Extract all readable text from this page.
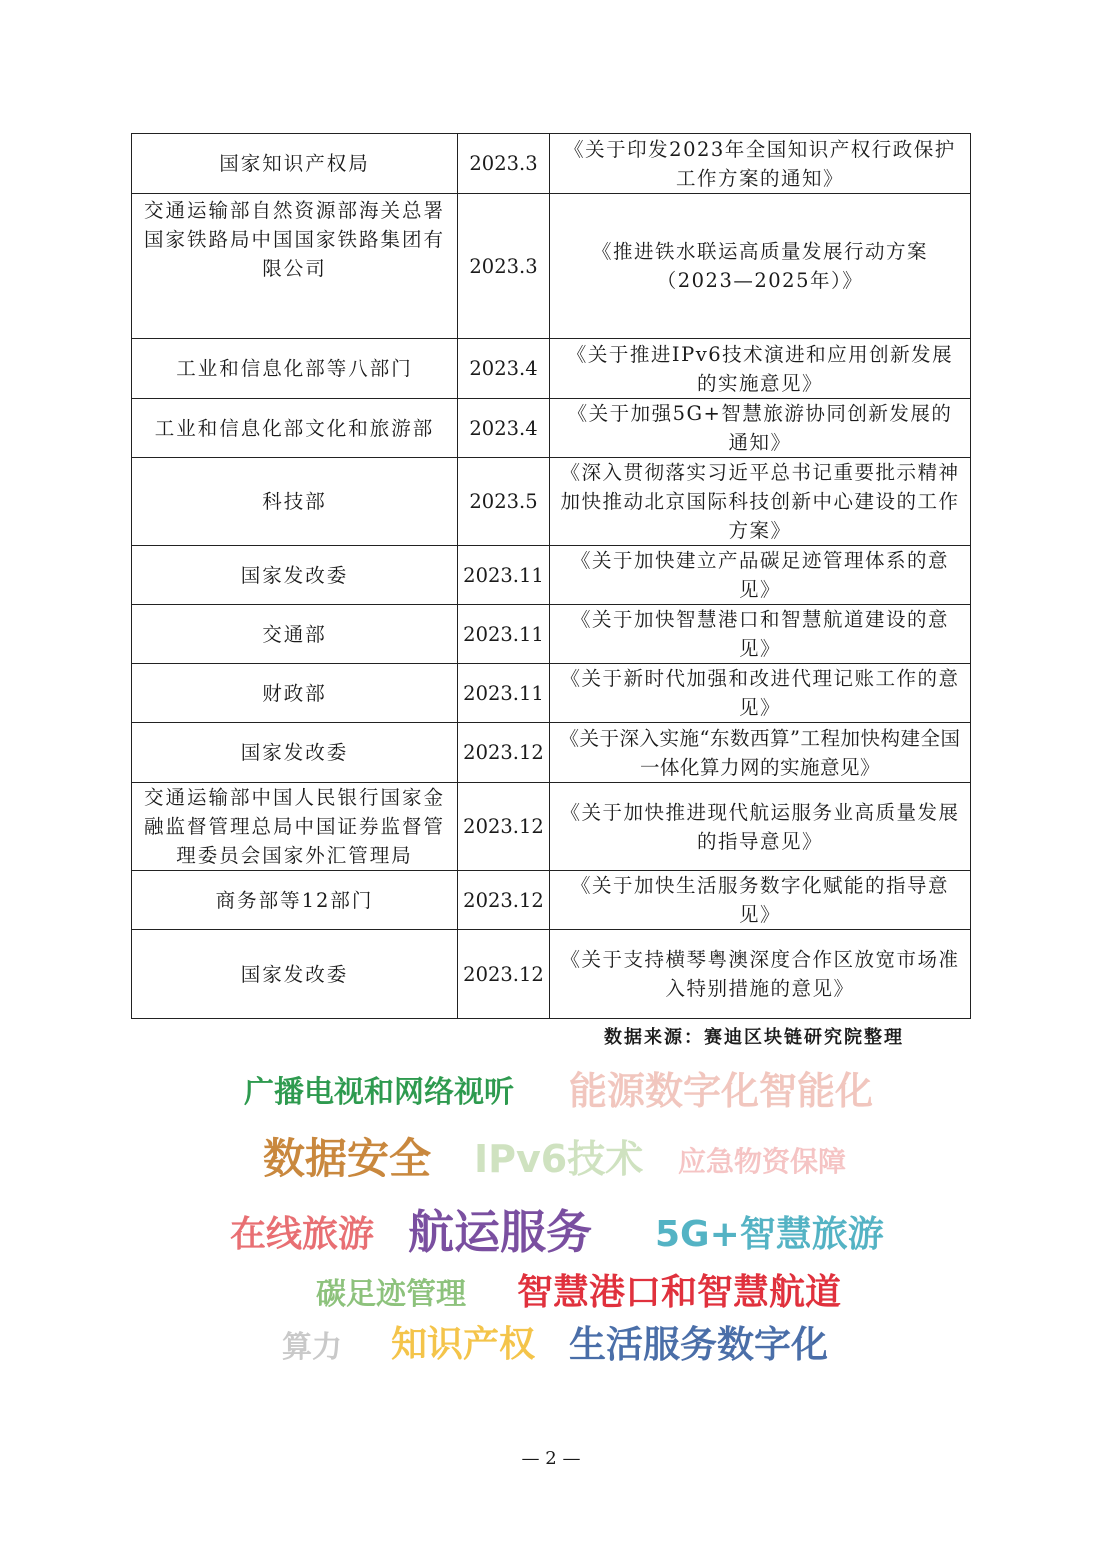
国家知识产权局	2023.3	《关于印发2023年全国知识产权行政保护工作方案的通知》
交通运输部自然资源部海关总署国家铁路局中国国家铁路集团有限公司	2023.3	《推进铁水联运高质量发展行动方案（2023—2025年）》
工业和信息化部等八部门	2023.4	《关于推进IPv6技术演进和应用创新发展的实施意见》
工业和信息化部文化和旅游部	2023.4	《关于加强5G+智慧旅游协同创新发展的通知》
科技部	2023.5	《深入贯彻落实习近平总书记重要批示精神加快推动北京国际科技创新中心建设的工作方案》
国家发改委	2023.11	《关于加快建立产品碳足迹管理体系的意见》
交通部	2023.11	《关于加快智慧港口和智慧航道建设的意见》
财政部	2023.11	《关于新时代加强和改进代理记账工作的意见》
国家发改委	2023.12	《关于深入实施“东数西算”工程加快构建全国一体化算力网的实施意见》
交通运输部中国人民银行国家金融监督管理总局中国证券监督管理委员会国家外汇管理局	2023.12	《关于加快推进现代航运服务业高质量发展的指导意见》
商务部等12部门	2023.12	《关于加快生活服务数字化赋能的指导意见》
国家发改委	2023.12	《关于支持横琴粤澳深度合作区放宽市场准入特别措施的意见》
数据来源：赛迪区块链研究院整理
广播电视和网络视听 能源数字化智能化
数据安全 IPv6技术 应急物资保障
在线旅游 航运服务 5G+智慧旅游
碳足迹管理 智慧港口和智慧航道
算力 知识产权 生活服务数字化
— 2 —
